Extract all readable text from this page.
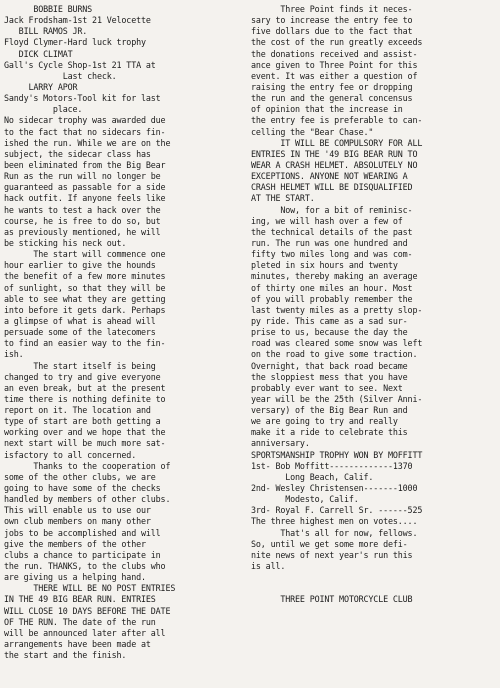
BOBBIE BURNS
Jack Frodsham-1st 21 Velocette
BILL RAMOS JR.
Floyd Clymer-Hard luck trophy
DICK CLIMAT
Gall's Cycle Shop-1st 21 TTA at
Last check.
LARRY APOR
Sandy's Motors-Tool kit for last
place.
No sidecar trophy was awarded due
to the fact that no sidecars fin-
ished the run. While we are on the
subject, the sidecar class has
been eliminated from the Big Bear
Run as the run will no longer be
guaranteed as passable for a side
hack outfit. If anyone feels like
he wants to test a hack over the
course, he is free to do so, but
as previously mentioned, he will
be sticking his neck out.
The start will commence one
hour earlier to give the hounds
the benefit of a few more minutes
of sunlight, so that they will be
able to see what they are getting
into before it gets dark. Perhaps
a glimpse of what is ahead will
persuade some of the latecomers
to find an easier way to the fin-
ish.
The start itself is being
changed to try and give everyone
an even break, but at the present
time there is nothing definite to
report on it. The location and
type of start are both getting a
working over and we hope that the
next start will be much more sat-
isfactory to all concerned.
Thanks to the cooperation of
some of the other clubs, we are
going to have some of the checks
handled by members of other clubs.
This will enable us to use our
own club members on many other
jobs to be accomplished and will
give the members of the other
clubs a chance to participate in
the run. THANKS, to the clubs who
are giving us a helping hand.
THERE WILL BE NO POST ENTRIES
IN THE 49 BIG BEAR RUN. ENTRIES
WILL CLOSE 10 DAYS BEFORE THE DATE
OF THE RUN. The date of the run
will be announced later after all
arrangements have been made at
the start and the finish.
Three Point finds it neces-
sary to increase the entry fee to
five dollars due to the fact that
the cost of the run greatly exceeds
the donations received and assist-
ance given to Three Point for this
event. It was either a question of
raising the entry fee or dropping
the run and the general concensus
of opinion that the increase in
the entry fee is preferable to can-
celling the "Bear Chase."
IT WILL BE COMPULSORY FOR ALL
ENTRIES IN THE '49 BIG BEAR RUN TO
WEAR A CRASH HELMET. ABSOLUTELY NO
EXCEPTIONS. ANYONE NOT WEARING A
CRASH HELMET WILL BE DISQUALIFIED
AT THE START.
Now, for a bit of reminisc-
ing, we will hash over a few of
the technical details of the past
run. The run was one hundred and
fifty two miles long and was com-
pleted in six hours and twenty
minutes, thereby making an average
of thirty one miles an hour. Most
of you will probably remember the
last twenty miles as a pretty slop-
py ride. This came as a sad sur-
prise to us, because the day the
road was cleared some snow was left
on the road to give some traction.
Overnight, that back road became
the sloppiest mess that you have
probably ever want to see. Next
year will be the 25th (Silver Anni-
versary) of the Big Bear Run and
we are going to try and really
make it a ride to celebrate this
anniversary.
SPORTSMANSHIP TROPHY WON BY MOFFITT
1st- Bob Moffitt-------------1370
Long Beach, Calif.
2nd- Wesley Christensen-------1000
Modesto, Calif.
3rd- Royal F. Carrell Sr. ------525
The three highest men on votes....
That's all for now, fellows.
So, until we get some more defi-
nite news of next year's run this
is all.
THREE POINT MOTORCYCLE CLUB
